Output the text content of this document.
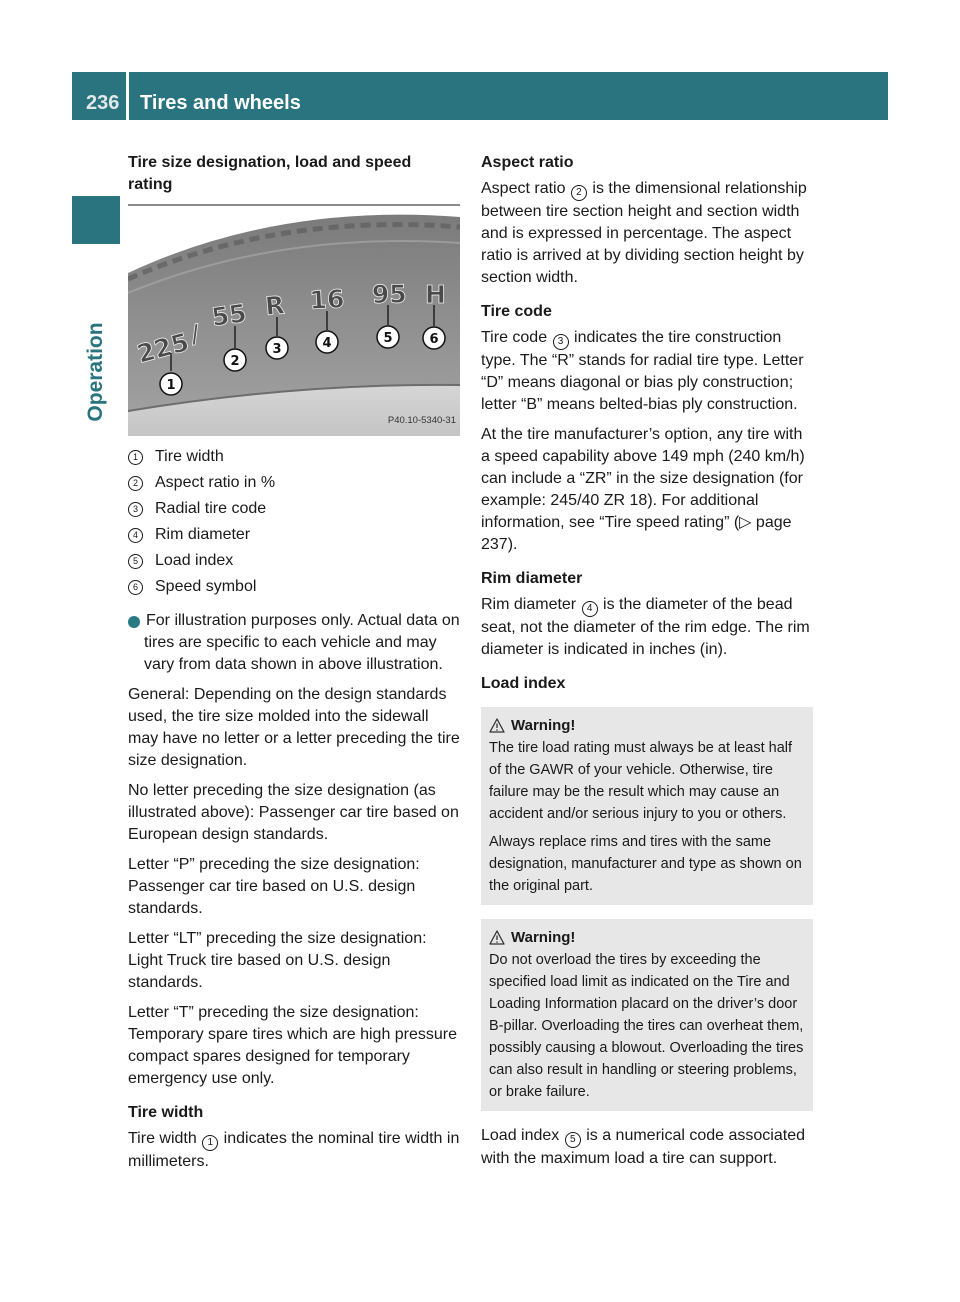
236	Tires and wheels
Operation
Tire size designation, load and speed rating
225
/
55 R 16 95 H
1
2
3	4	5	6
P40.10-5340-31
1	Tire width
2	Aspect ratio in %
3	Radial tire code
4	Rim diameter
5	Load index
6	Speed symbol

i For illustration purposes only. Actual data on tires are specific to each vehicle and may vary from data shown in above illustration.

General: Depending on the design standards used, the tire size molded into the sidewall may have no letter or a letter preceding the tire size designation.

No letter preceding the size designation (as illustrated above): Passenger car tire based on European design standards.

Letter “P” preceding the size designation: Passenger car tire based on U.S. design standards.

Letter “LT” preceding the size designation: Light Truck tire based on U.S. design standards.

Letter “T” preceding the size designation: Temporary spare tires which are high pressure compact spares designed for temporary emergency use only.

Tire width

Tire width 1 indicates the nominal tire width in millimeters.

Aspect ratio

Aspect ratio 2 is the dimensional relationship between tire section height and section width and is expressed in percentage. The aspect ratio is arrived at by dividing section height by section width.

Tire code

Tire code 3 indicates the tire construction type. The “R” stands for radial tire type. Letter “D” means diagonal or bias ply construction; letter “B” means belted-bias ply construction.

At the tire manufacturer’s option, any tire with a speed capability above 149 mph (240 km/h) can include a “ZR” in the size designation (for example: 245/40 ZR 18). For additional information, see “Tire speed rating” (▷ page 237).

Rim diameter

Rim diameter 4 is the diameter of the bead seat, not the diameter of the rim edge. The rim diameter is indicated in inches (in).

Load index
Warning!

The tire load rating must always be at least half of the GAWR of your vehicle. Otherwise, tire failure may be the result which may cause an accident and/or serious injury to you or others.

Always replace rims and tires with the same designation, manufacturer and type as shown on the original part.

Warning!

Do not overload the tires by exceeding the specified load limit as indicated on the Tire and Loading Information placard on the driver’s door B-pillar. Overloading the tires can overheat them, possibly causing a blowout. Overloading the tires can also result in handling or steering problems, or brake failure.

Load index 5 is a numerical code associated with the maximum load a tire can support.
